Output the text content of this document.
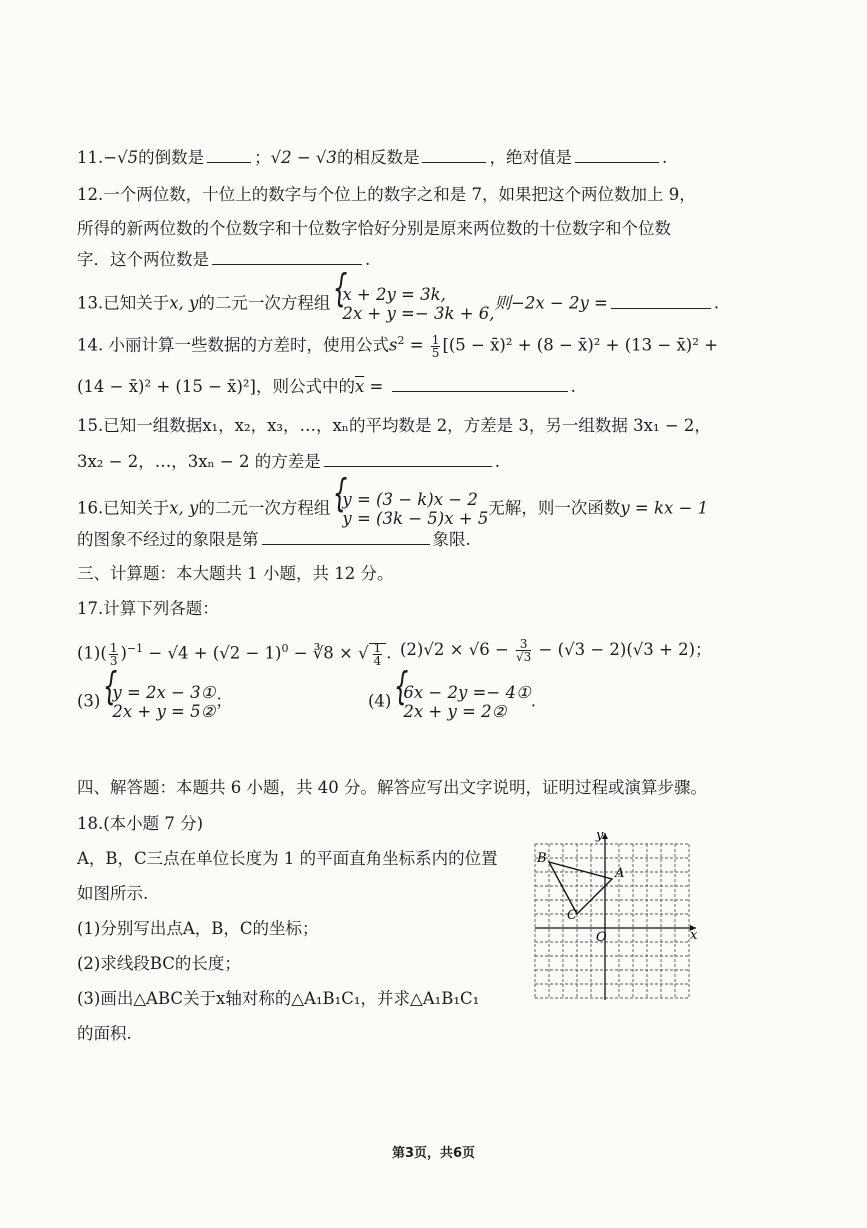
11.−√5的倒数是	；√2 − √3的相反数是	，绝对值是	.
12.一个两位数，十位上的数字与个位上的数字之和是 7，如果把这个两位数加上 9，
所得的新两位数的个位数字和十位数字恰好分别是原来两位数的十位数字和个位数
字．这个两位数是	.
13.已知关于x, y的二元一次方程组 { x + 2y = 3k,
2x + y =− 3k + 6,
则−2x − 2y =	.
14. 小丽计算一些数据的方差时，使用公式$s^2 = \frac{1}{5} [(5$ − x̄)² + (8 − x̄)² + (13 − x̄)² +
(14 − x̄)² + (15 − x̄)²]，则公式中的$\overline{x}$ =	.
15.已知一组数据x₁，x₂，x₃，…，xₙ的平均数是 2，方差是 3，另一组数据 3x₁ − 2，
3x₂ − 2，…，3xₙ − 2 的方差是	.
16.已知关于x, y的二元一次方程组 { y = (3 − k)x − 2
y = (3k − 5)x + 5
无解，则一次函数y = kx − 1
的图象不经过的象限是第	象限.
三、计算题：本大题共 1 小题，共 12 分。
17.计算下列各题：
$(1)( \frac{1}{3} )^{-1} - √4 + (√2 - 1)^0$ − ∛8 × √ $\frac{1}{4}$ . $(2)√2 \times √6 - \frac{3}{√3} - (√3 - 2)(√3 + 2)$；
(3) { y = 2x − 3①
2x + y = 5②
；	(4) { 6x − 2y =− 4①
2x + y = 2②
.
四、解答题：本题共 6 小题，共 40 分。解答应写出文字说明，证明过程或演算步骤。
18.(本小题 7 分)
A，B，C三点在单位长度为 1 的平面直角坐标系内的位置
如图所示.
(1)分别写出点A，B，C的坐标；
(2)求线段BC的长度；
(3)画出△ABC关于x轴对称的△A₁B₁C₁，并求△A₁B₁C₁
的面积.
B
A
C
O	x
y
第3页，共6页
